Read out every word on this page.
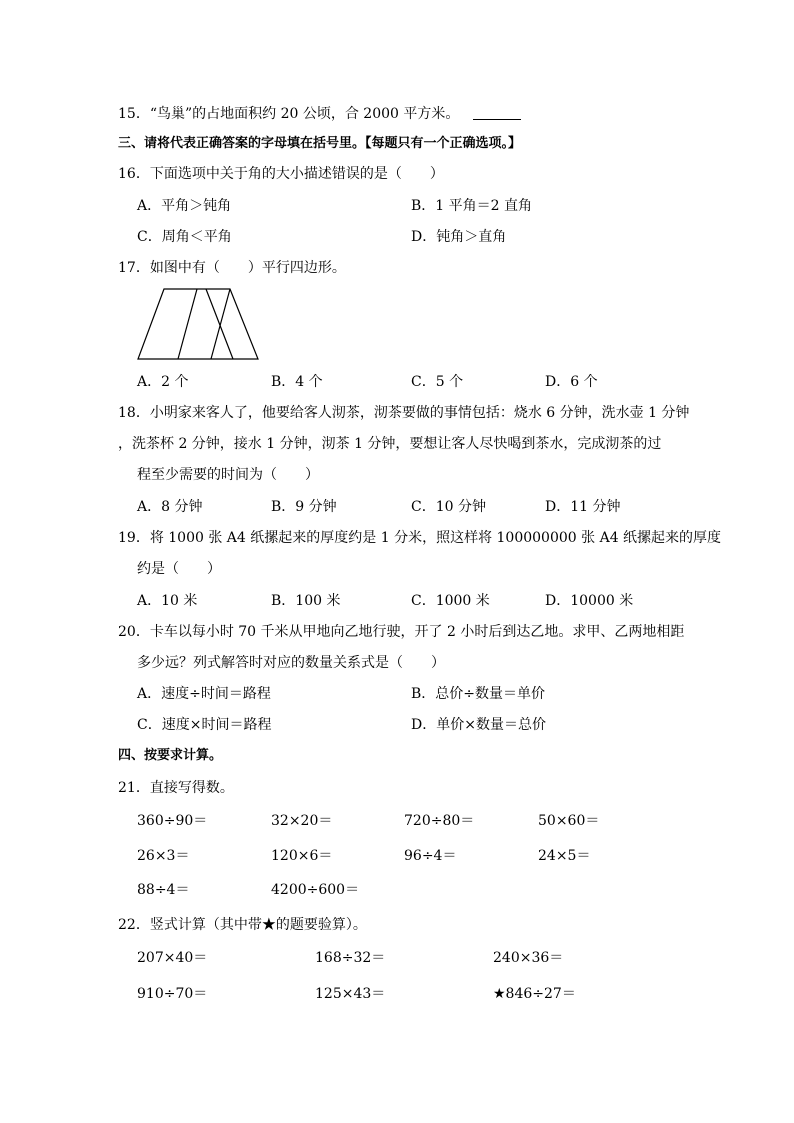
15．“鸟巢”的占地面积约 20 公顷，合 2000 平方米。
三、请将代表正确答案的字母填在括号里。【每题只有一个正确选项。】
16．下面选项中关于角的大小描述错误的是（　　）
A．平角＞钝角	B．1 平角＝2 直角
C．周角＜平角	D．钝角＞直角
17．如图中有（　　）平行四边形。
A．2 个	B．4 个	C．5 个	D．6 个
18．小明家来客人了，他要给客人沏茶，沏茶要做的事情包括：烧水 6 分钟，洗水壶 1 分钟
，洗茶杯 2 分钟，接水 1 分钟，沏茶 1 分钟，要想让客人尽快喝到茶水，完成沏茶的过
程至少需要的时间为（　　）
A．8 分钟	B．9 分钟	C．10 分钟	D．11 分钟
19．将 1000 张 A4 纸摞起来的厚度约是 1 分米，照这样将 100000000 张 A4 纸摞起来的厚度
约是（　　）
A．10 米	B．100 米	C．1000 米	D．10000 米
20．卡车以每小时 70 千米从甲地向乙地行驶，开了 2 小时后到达乙地。求甲、乙两地相距
多少远？列式解答时对应的数量关系式是（　　）
A．速度÷时间＝路程	B．总价÷数量＝单价
C．速度×时间＝路程	D．单价×数量＝总价
四、按要求计算。
21．直接写得数。
360÷90＝	32×20＝	720÷80＝	50×60＝
26×3＝	120×6＝	96÷4＝	24×5＝
88÷4＝	4200÷600＝
22．竖式计算（其中带★的题要验算）。
207×40＝	168÷32＝	240×36＝
910÷70＝	125×43＝	★846÷27＝
